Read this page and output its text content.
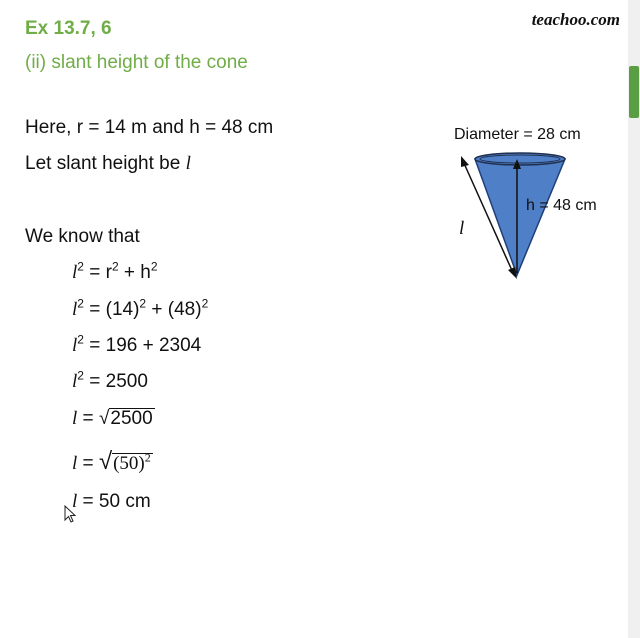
teachoo.com
Ex 13.7, 6
(ii) slant height of the cone
Here, r = 14 m and h = 48 cm
Let slant height be l
We know that
$l^2 = r^2 + h^2$
$l^2 = (14)^2 + (48)^2$
$l^2 = 196 + 2304$
$l^2 = 2500$
l = √2500
$l = √(50)^2$
l = 50 cm
Diameter = 28 cm
h = 48 cm
l
